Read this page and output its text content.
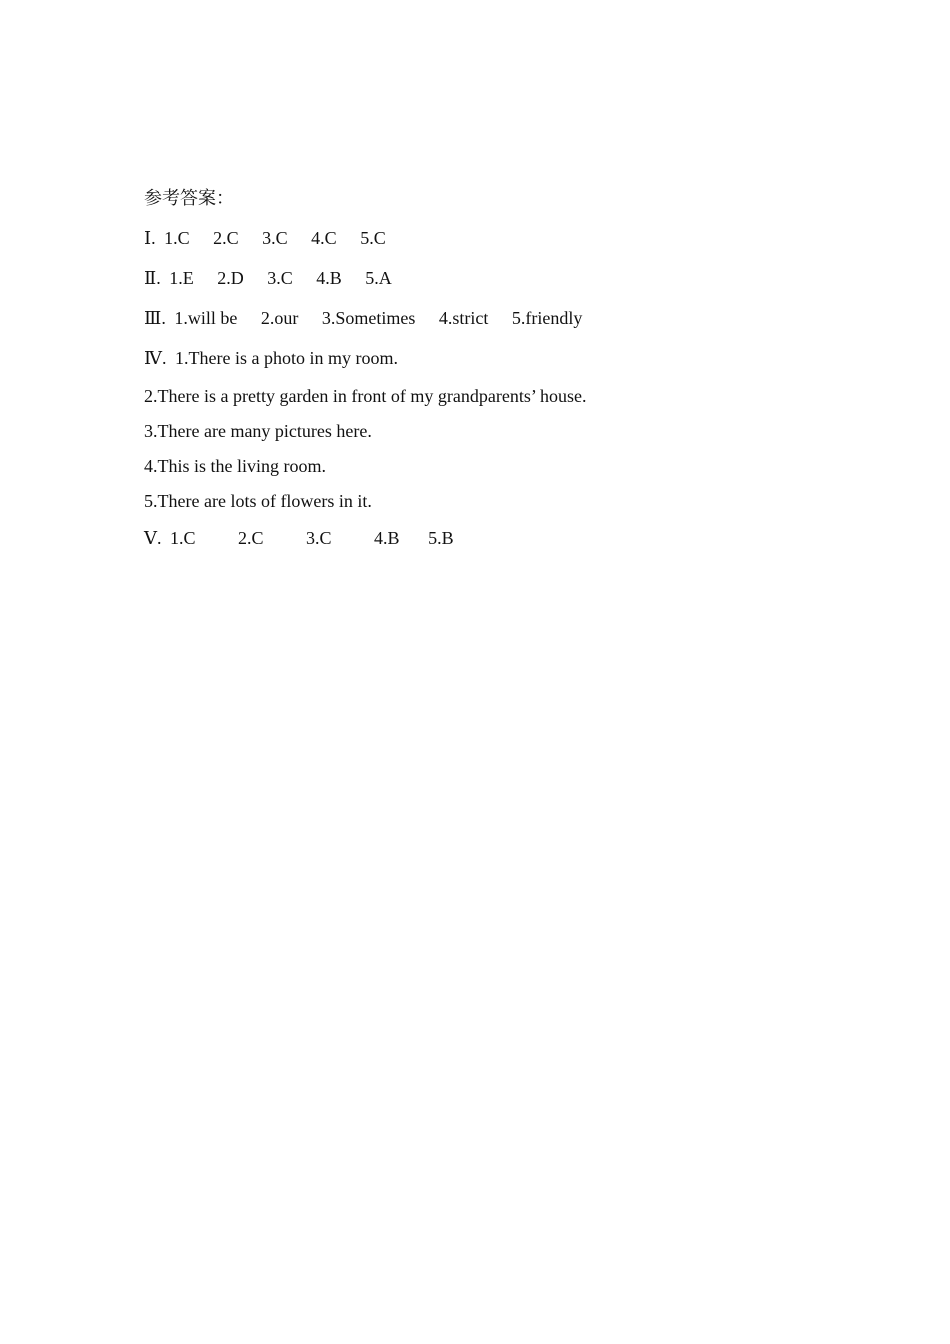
参考答案：
Ⅰ. 1.C 2.C 3.C 4.C 5.C
Ⅱ. 1.E 2.D 3.C 4.B 5.A
Ⅲ. 1.will be 2.our 3.Sometimes 4.strict 5.friendly
Ⅳ. 1.There is a photo in my room.
2.There is a pretty garden in front of my grandparents’ house.
3.There are many pictures here.
4.This is the living room.
5.There are lots of flowers in it.
Ⅴ. 1.C 2.C 3.C 4.B 5.B
